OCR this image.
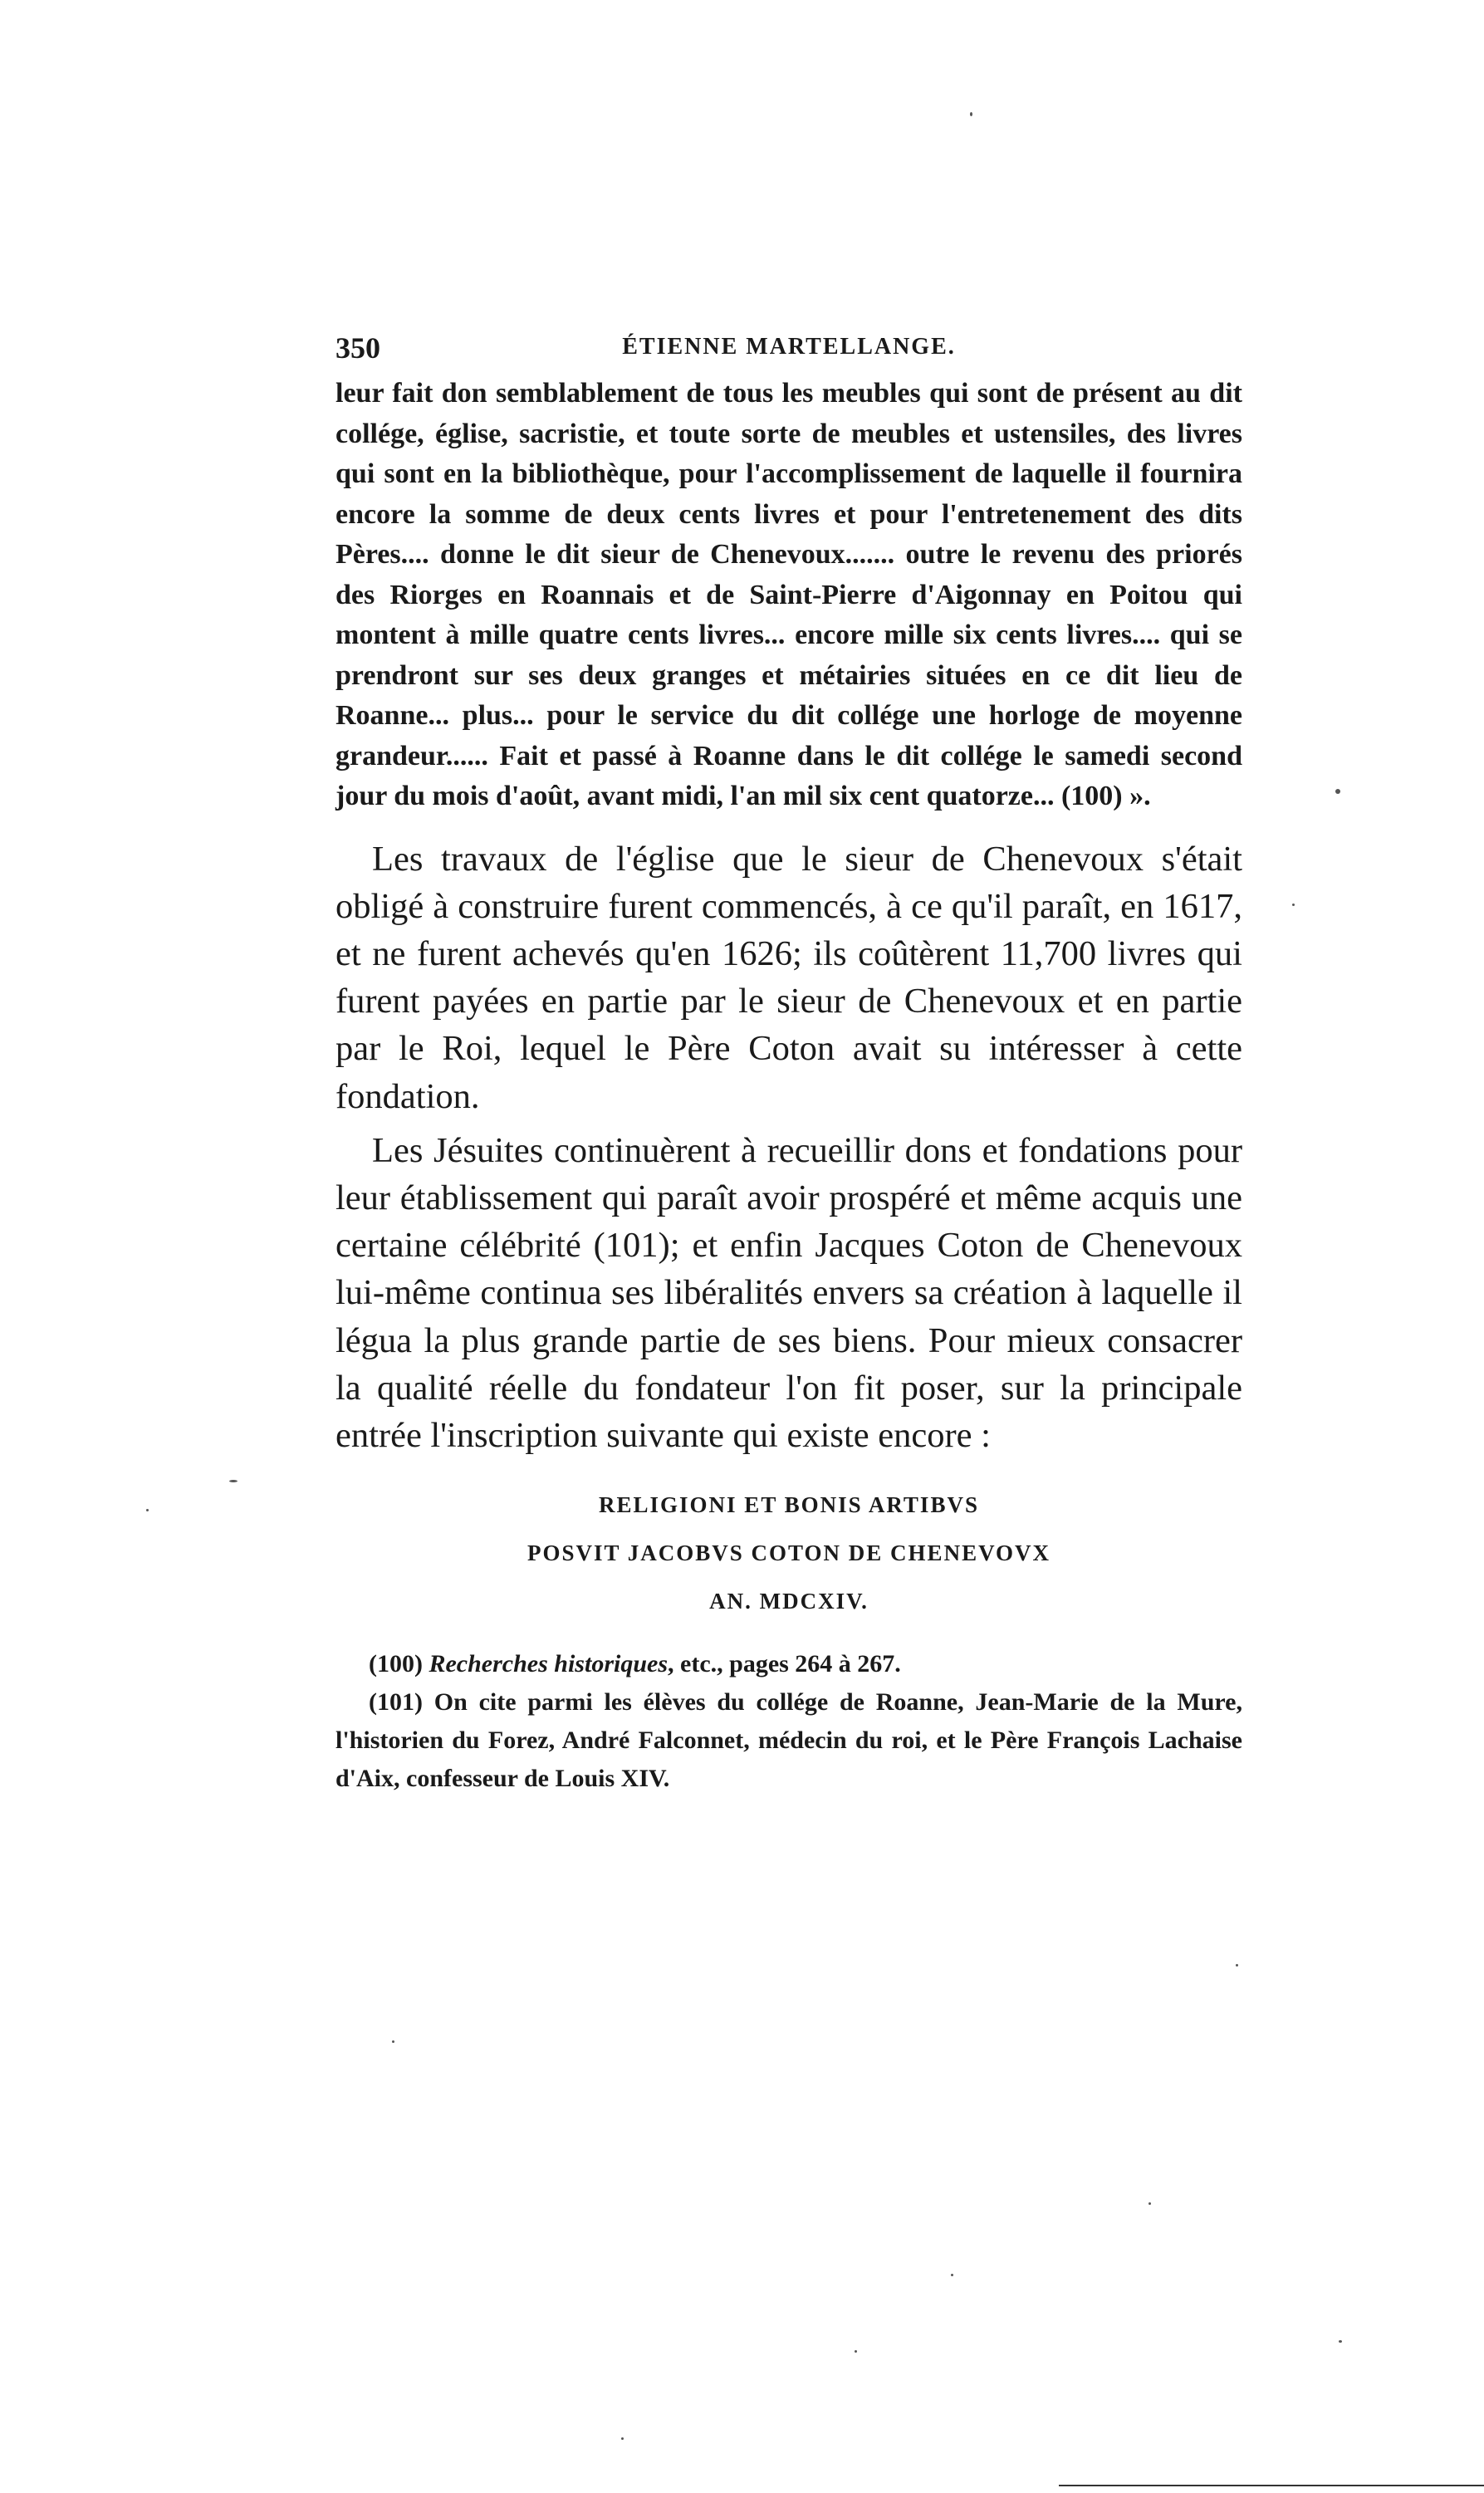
350	ÉTIENNE MARTELLANGE.

leur fait don semblablement de tous les meubles qui sont de présent au dit collége, église, sacristie, et toute sorte de meubles et ustensiles, des livres qui sont en la bibliothèque, pour l'accomplissement de laquelle il fournira encore la somme de deux cents livres et pour l'entretenement des dits Pères.... donne le dit sieur de Chenevoux....... outre le revenu des priorés des Riorges en Roannais et de Saint-Pierre d'Aigonnay en Poitou qui montent à mille quatre cents livres... encore mille six cents livres.... qui se prendront sur ses deux granges et métairies situées en ce dit lieu de Roanne... plus... pour le service du dit collége une horloge de moyenne grandeur...... Fait et passé à Roanne dans le dit collége le samedi second jour du mois d'août, avant midi, l'an mil six cent quatorze... (100) ».

Les travaux de l'église que le sieur de Chenevoux s'était obligé à construire furent commencés, à ce qu'il paraît, en 1617, et ne furent achevés qu'en 1626; ils coûtèrent 11,700 livres qui furent payées en partie par le sieur de Chenevoux et en partie par le Roi, lequel le Père Coton avait su intéresser à cette fondation.

Les Jésuites continuèrent à recueillir dons et fondations pour leur établissement qui paraît avoir prospéré et même acquis une certaine célébrité (101); et enfin Jacques Coton de Chenevoux lui-même continua ses libéralités envers sa création à laquelle il légua la plus grande partie de ses biens. Pour mieux consacrer la qualité réelle du fondateur l'on fit poser, sur la principale entrée l'inscription suivante qui existe encore :

RELIGIONI ET BONIS ARTIBVS
POSVIT JACOBVS COTON DE CHENEVOVX
AN. MDCXIV.

(100) Recherches historiques, etc., pages 264 à 267.

(101) On cite parmi les élèves du collége de Roanne, Jean-Marie de la Mure, l'historien du Forez, André Falconnet, médecin du roi, et le Père François Lachaise d'Aix, confesseur de Louis XIV.
